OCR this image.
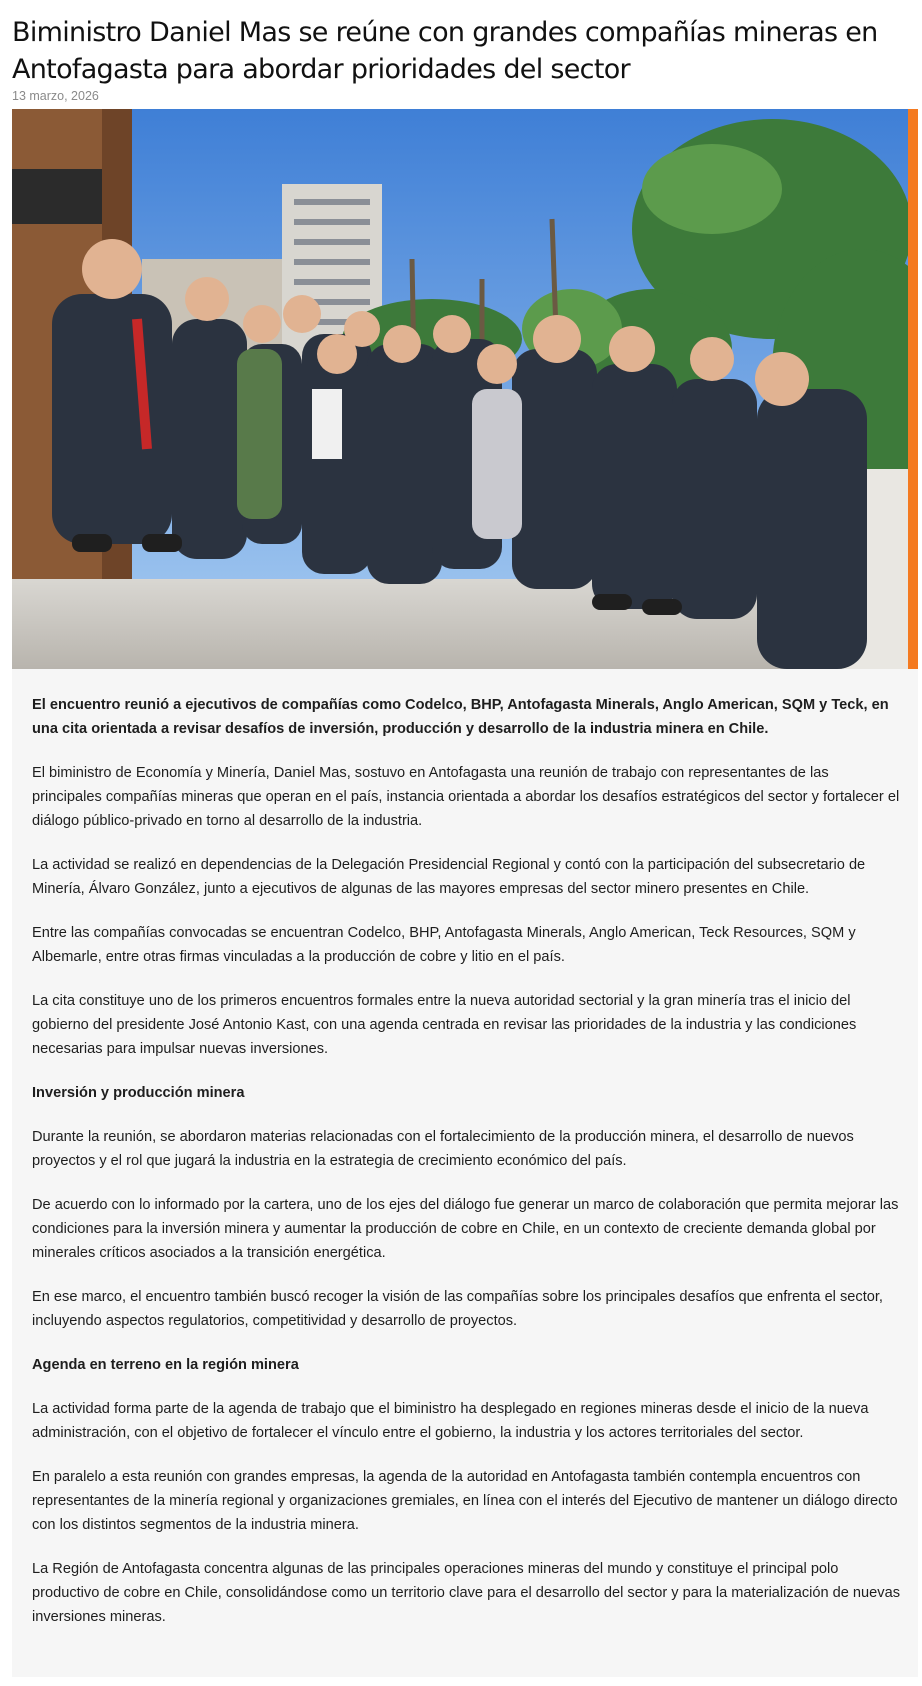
Biministro Daniel Mas se reúne con grandes compañías mineras en Antofagasta para abordar prioridades del sector
13 marzo, 2026

El encuentro reunió a ejecutivos de compañías como Codelco, BHP, Antofagasta Minerals, Anglo American, SQM y Teck, en una cita orientada a revisar desafíos de inversión, producción y desarrollo de la industria minera en Chile.

El biministro de Economía y Minería, Daniel Mas, sostuvo en Antofagasta una reunión de trabajo con representantes de las principales compañías mineras que operan en el país, instancia orientada a abordar los desafíos estratégicos del sector y fortalecer el diálogo público-privado en torno al desarrollo de la industria.

La actividad se realizó en dependencias de la Delegación Presidencial Regional y contó con la participación del subsecretario de Minería, Álvaro González, junto a ejecutivos de algunas de las mayores empresas del sector minero presentes en Chile.

Entre las compañías convocadas se encuentran Codelco, BHP, Antofagasta Minerals, Anglo American, Teck Resources, SQM y Albemarle, entre otras firmas vinculadas a la producción de cobre y litio en el país.

La cita constituye uno de los primeros encuentros formales entre la nueva autoridad sectorial y la gran minería tras el inicio del gobierno del presidente José Antonio Kast, con una agenda centrada en revisar las prioridades de la industria y las condiciones necesarias para impulsar nuevas inversiones.

Inversión y producción minera

Durante la reunión, se abordaron materias relacionadas con el fortalecimiento de la producción minera, el desarrollo de nuevos proyectos y el rol que jugará la industria en la estrategia de crecimiento económico del país.

De acuerdo con lo informado por la cartera, uno de los ejes del diálogo fue generar un marco de colaboración que permita mejorar las condiciones para la inversión minera y aumentar la producción de cobre en Chile, en un contexto de creciente demanda global por minerales críticos asociados a la transición energética.

En ese marco, el encuentro también buscó recoger la visión de las compañías sobre los principales desafíos que enfrenta el sector, incluyendo aspectos regulatorios, competitividad y desarrollo de proyectos.

Agenda en terreno en la región minera

La actividad forma parte de la agenda de trabajo que el biministro ha desplegado en regiones mineras desde el inicio de la nueva administración, con el objetivo de fortalecer el vínculo entre el gobierno, la industria y los actores territoriales del sector.

En paralelo a esta reunión con grandes empresas, la agenda de la autoridad en Antofagasta también contempla encuentros con representantes de la minería regional y organizaciones gremiales, en línea con el interés del Ejecutivo de mantener un diálogo directo con los distintos segmentos de la industria minera.

La Región de Antofagasta concentra algunas de las principales operaciones mineras del mundo y constituye el principal polo productivo de cobre en Chile, consolidándose como un territorio clave para el desarrollo del sector y para la materialización de nuevas inversiones mineras.
